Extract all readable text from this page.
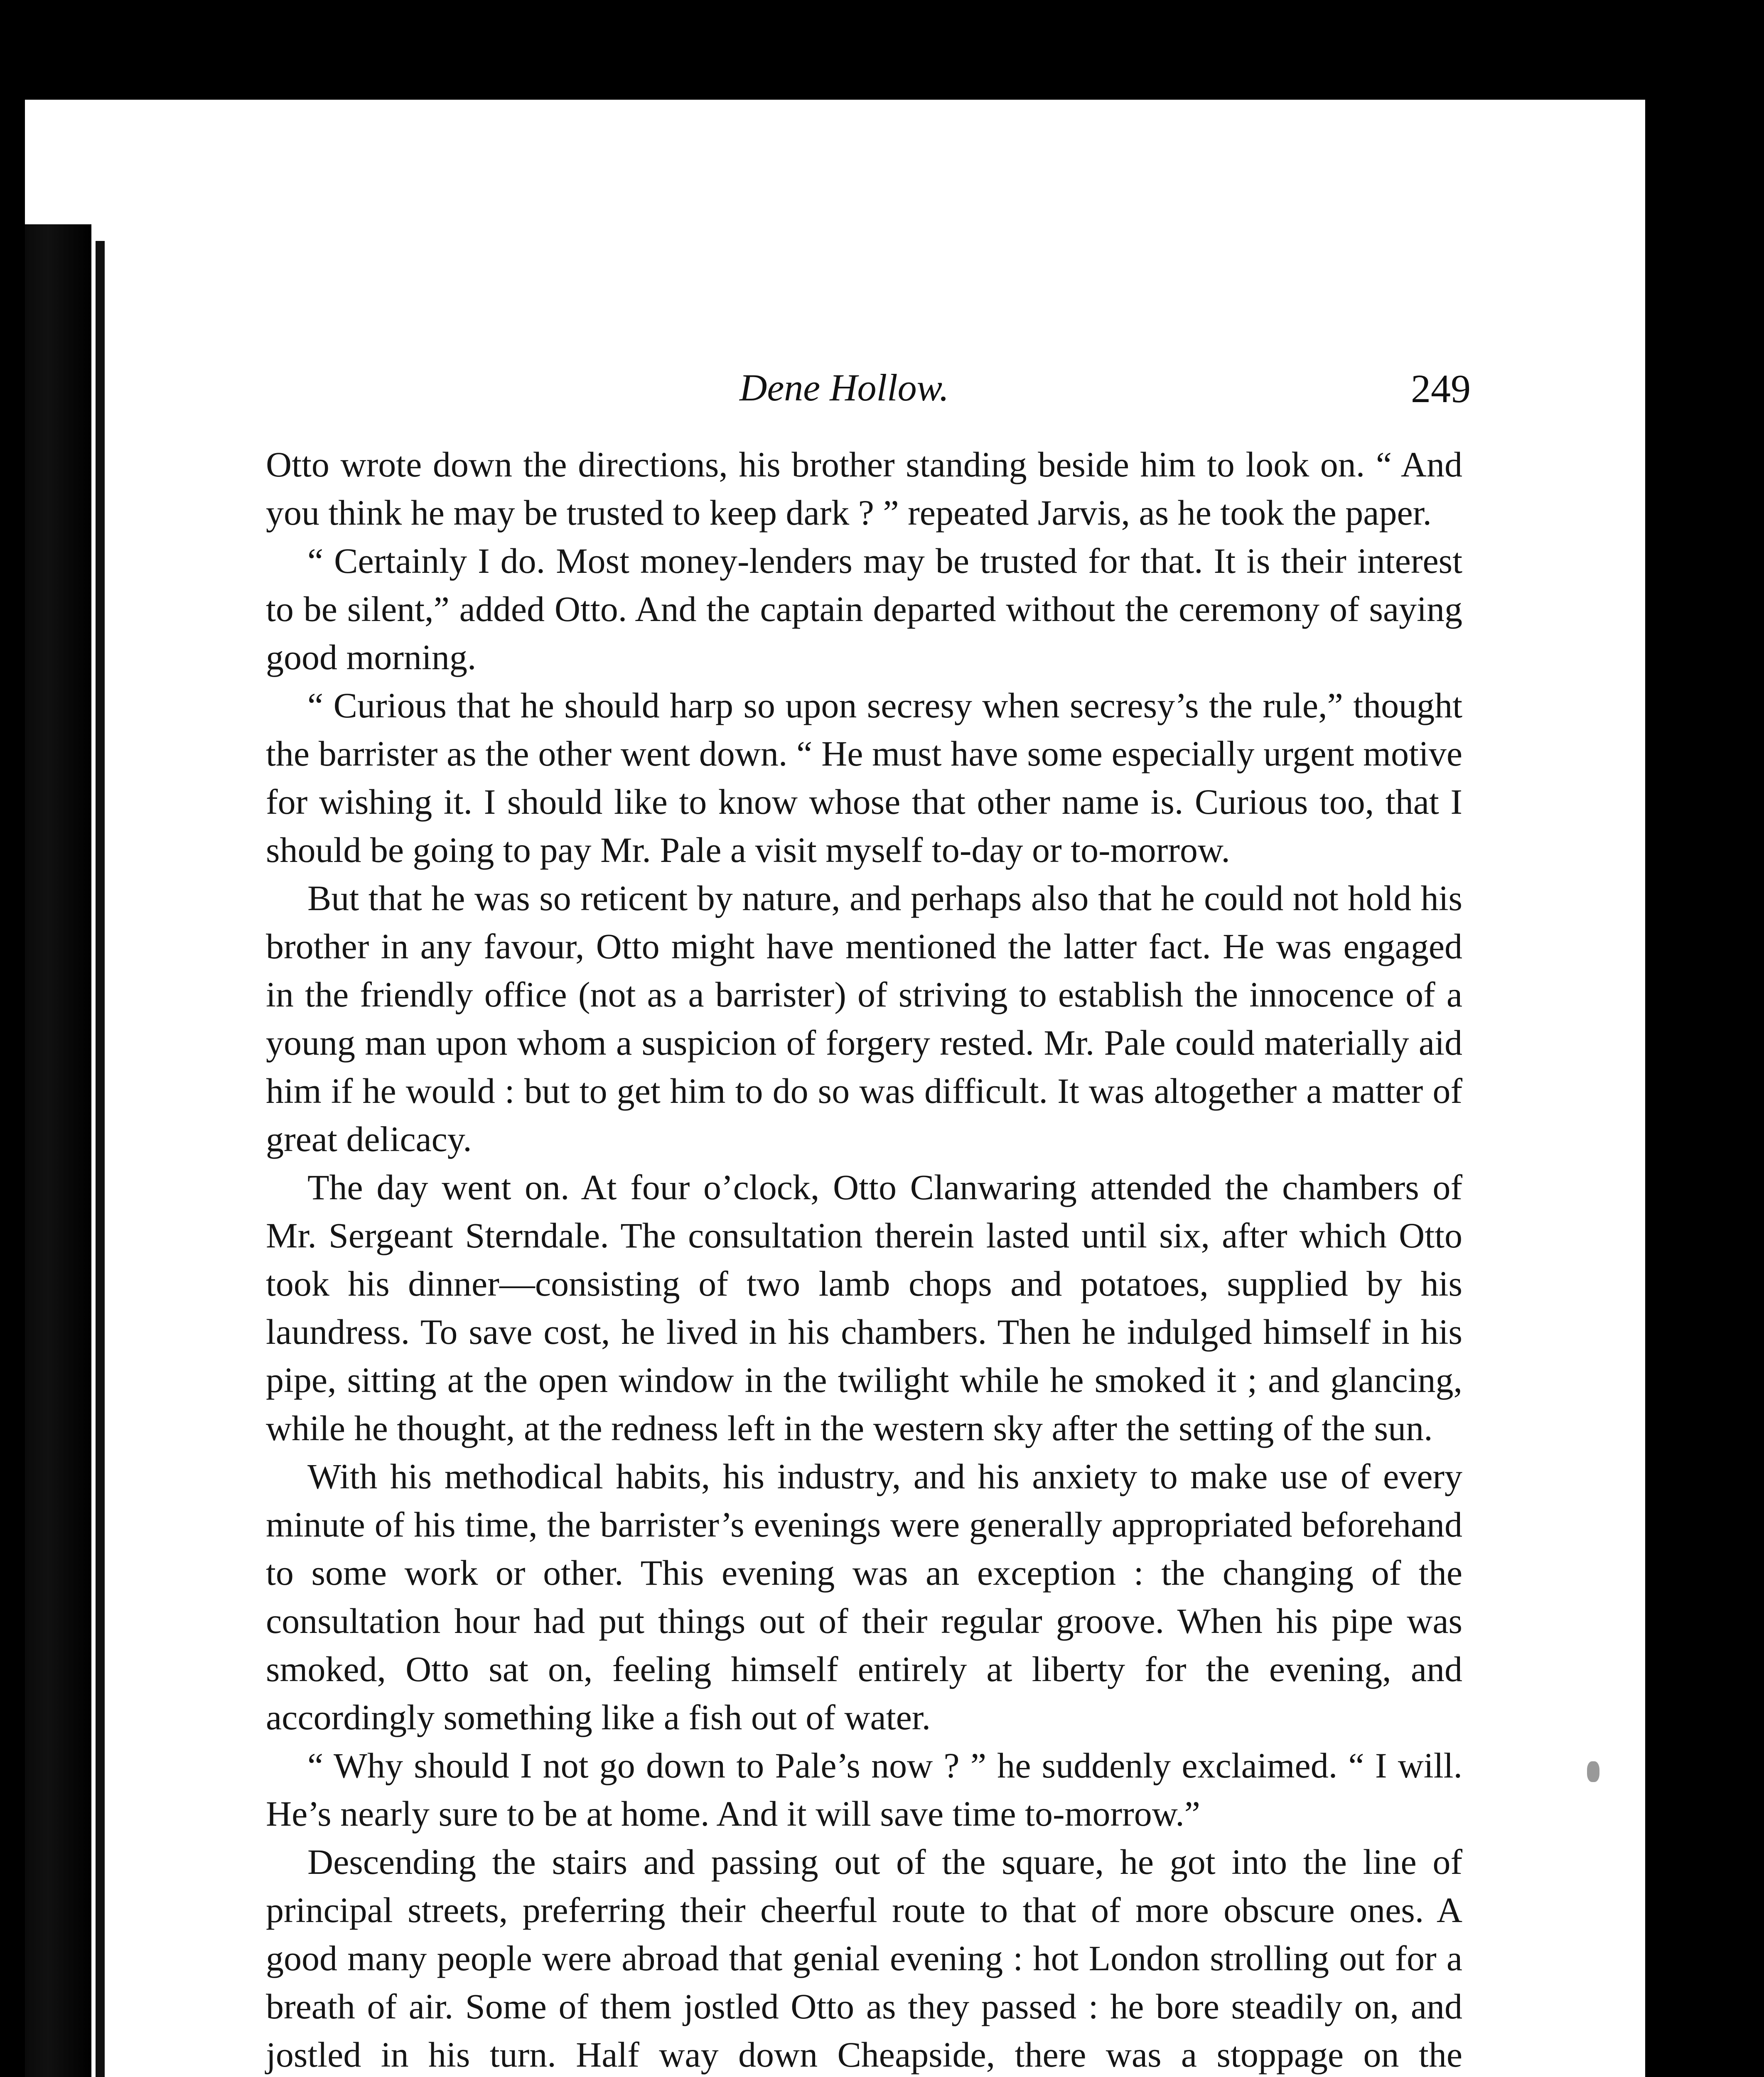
Dene Hollow.	249

Otto wrote down the directions, his brother standing beside him to look on. “ And you think he may be trusted to keep dark ? ” repeated Jarvis, as he took the paper.

“ Certainly I do. Most money-lenders may be trusted for that. It is their interest to be silent,” added Otto. And the captain departed without the ceremony of saying good morning.

“ Curious that he should harp so upon secresy when secresy’s the rule,” thought the barrister as the other went down. “ He must have some especially urgent motive for wishing it. I should like to know whose that other name is. Curious too, that I should be going to pay Mr. Pale a visit myself to-day or to-morrow.

But that he was so reticent by nature, and perhaps also that he could not hold his brother in any favour, Otto might have mentioned the latter fact. He was engaged in the friendly office (not as a barrister) of striving to establish the innocence of a young man upon whom a suspicion of forgery rested. Mr. Pale could materially aid him if he would : but to get him to do so was difficult. It was altogether a matter of great delicacy.

The day went on. At four o’clock, Otto Clanwaring attended the chambers of Mr. Sergeant Sterndale. The consultation therein lasted until six, after which Otto took his dinner—consisting of two lamb chops and potatoes, supplied by his laundress. To save cost, he lived in his chambers. Then he indulged himself in his pipe, sitting at the open window in the twilight while he smoked it ; and glancing, while he thought, at the redness left in the western sky after the setting of the sun.

With his methodical habits, his industry, and his anxiety to make use of every minute of his time, the barrister’s evenings were generally appropriated beforehand to some work or other. This evening was an exception : the changing of the consultation hour had put things out of their regular groove. When his pipe was smoked, Otto sat on, feeling himself entirely at liberty for the evening, and accordingly something like a fish out of water.

“ Why should I not go down to Pale’s now ? ” he suddenly exclaimed. “ I will. He’s nearly sure to be at home. And it will save time to-morrow.”

Descending the stairs and passing out of the square, he got into the line of principal streets, preferring their cheerful route to that of more obscure ones. A good many people were abroad that genial evening : hot London strolling out for a breath of air. Some of them jostled Otto as they passed : he bore steadily on, and jostled in his turn. Half way down Cheapside, there was a stoppage on the
